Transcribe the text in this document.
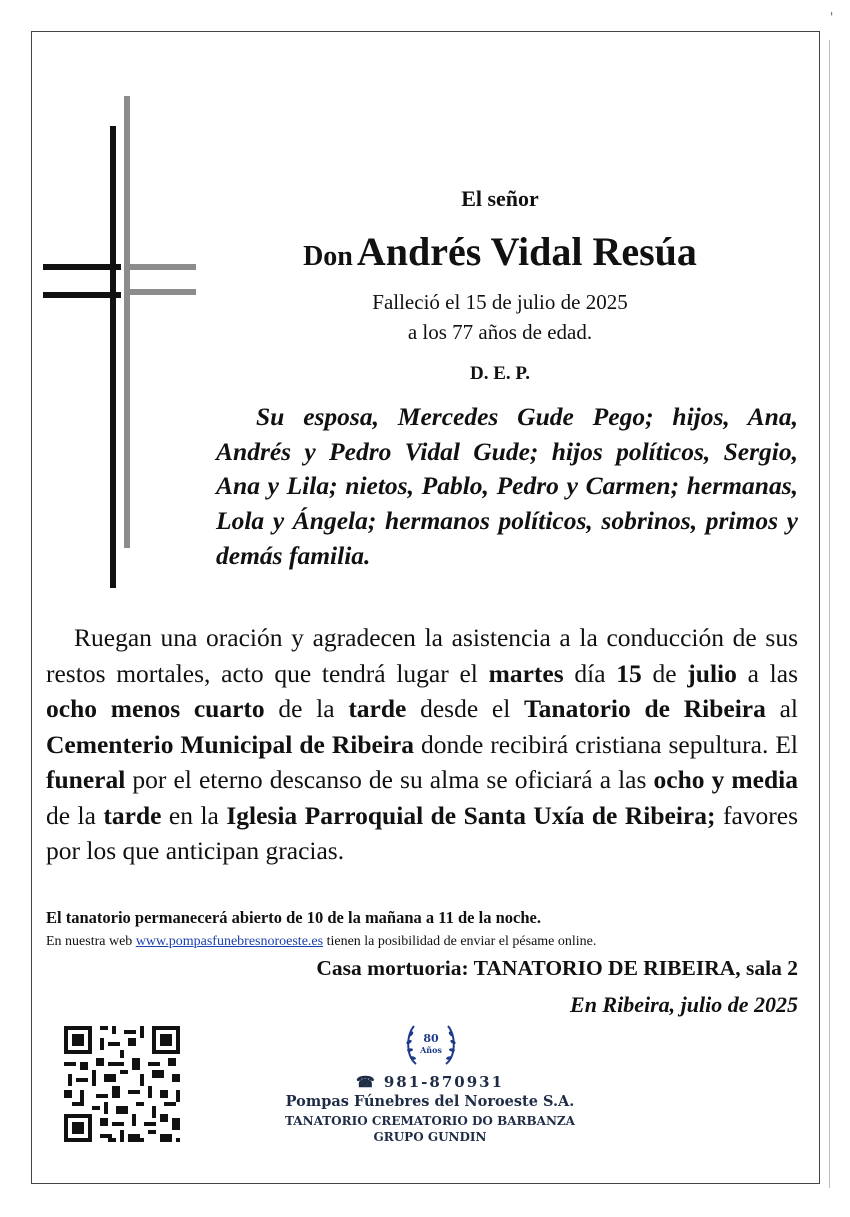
'
El señor
Don Andrés Vidal Resúa
Falleció el 15 de julio de 2025
a los 77 años de edad.
D. E. P.
Su esposa, Mercedes Gude Pego; hijos, Ana, Andrés y Pedro Vidal Gude; hijos políticos, Sergio, Ana y Lila; nietos, Pablo, Pedro y Carmen; hermanas, Lola y Ángela; hermanos políticos, sobrinos, primos y demás familia.
Ruegan una oración y agradecen la asistencia a la conducción de sus restos mortales, acto que tendrá lugar el martes día 15 de julio a las ocho menos cuarto de la tarde desde el Tanatorio de Ribeira al Cementerio Municipal de Ribeira donde recibirá cristiana sepultura. El funeral por el eterno descanso de su alma se oficiará a las ocho y media de la tarde en la Iglesia Parroquial de Santa Uxía de Ribeira; favores por los que anticipan gracias.
El tanatorio permanecerá abierto de 10 de la mañana a 11 de la noche.
En nuestra web www.pompasfunebresnoroeste.es tienen la posibilidad de enviar el pésame online.
Casa mortuoria: TANATORIO DE RIBEIRA, sala 2
En Ribeira, julio de 2025
80
Años
☎ 981-870931
Pompas Fúnebres del Noroeste S.A.
TANATORIO CREMATORIO DO BARBANZA
GRUPO GUNDIN
